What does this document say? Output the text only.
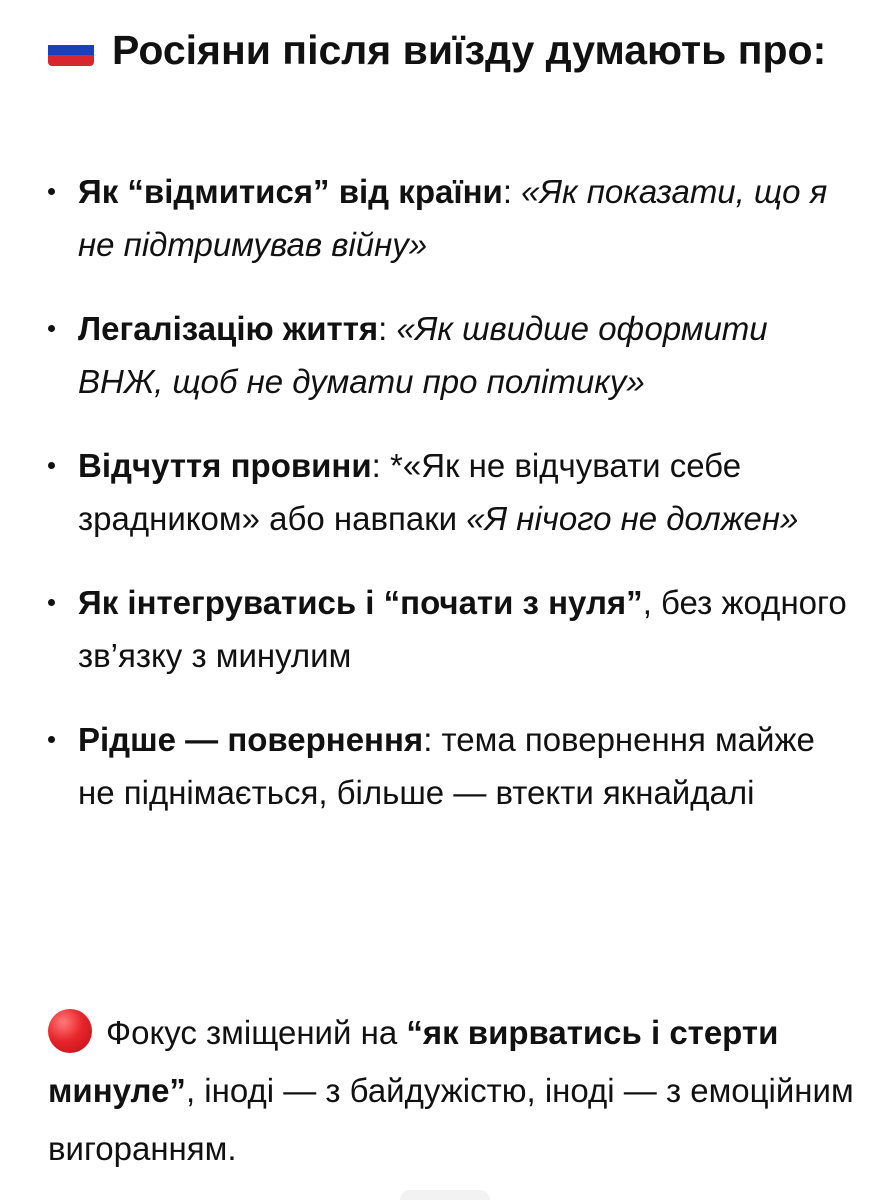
Росіяни після виїзду думають про:
Як “відмитися” від країни: «Як показати, що я не підтримував війну»
Легалізацію життя: «Як швидше оформити ВНЖ, щоб не думати про політику»
Відчуття провини: *«Як не відчувати себе зрадником» або навпаки «Я нічого не должен»
Як інтегруватись і “почати з нуля”, без жодного зв’язку з минулим
Рідше — повернення: тема повернення майже не піднімається, більше — втекти якнайдалі
Фокус зміщений на “як вирватись і стерти минуле”, іноді — з байдужістю, іноді — з емоційним вигоранням.
